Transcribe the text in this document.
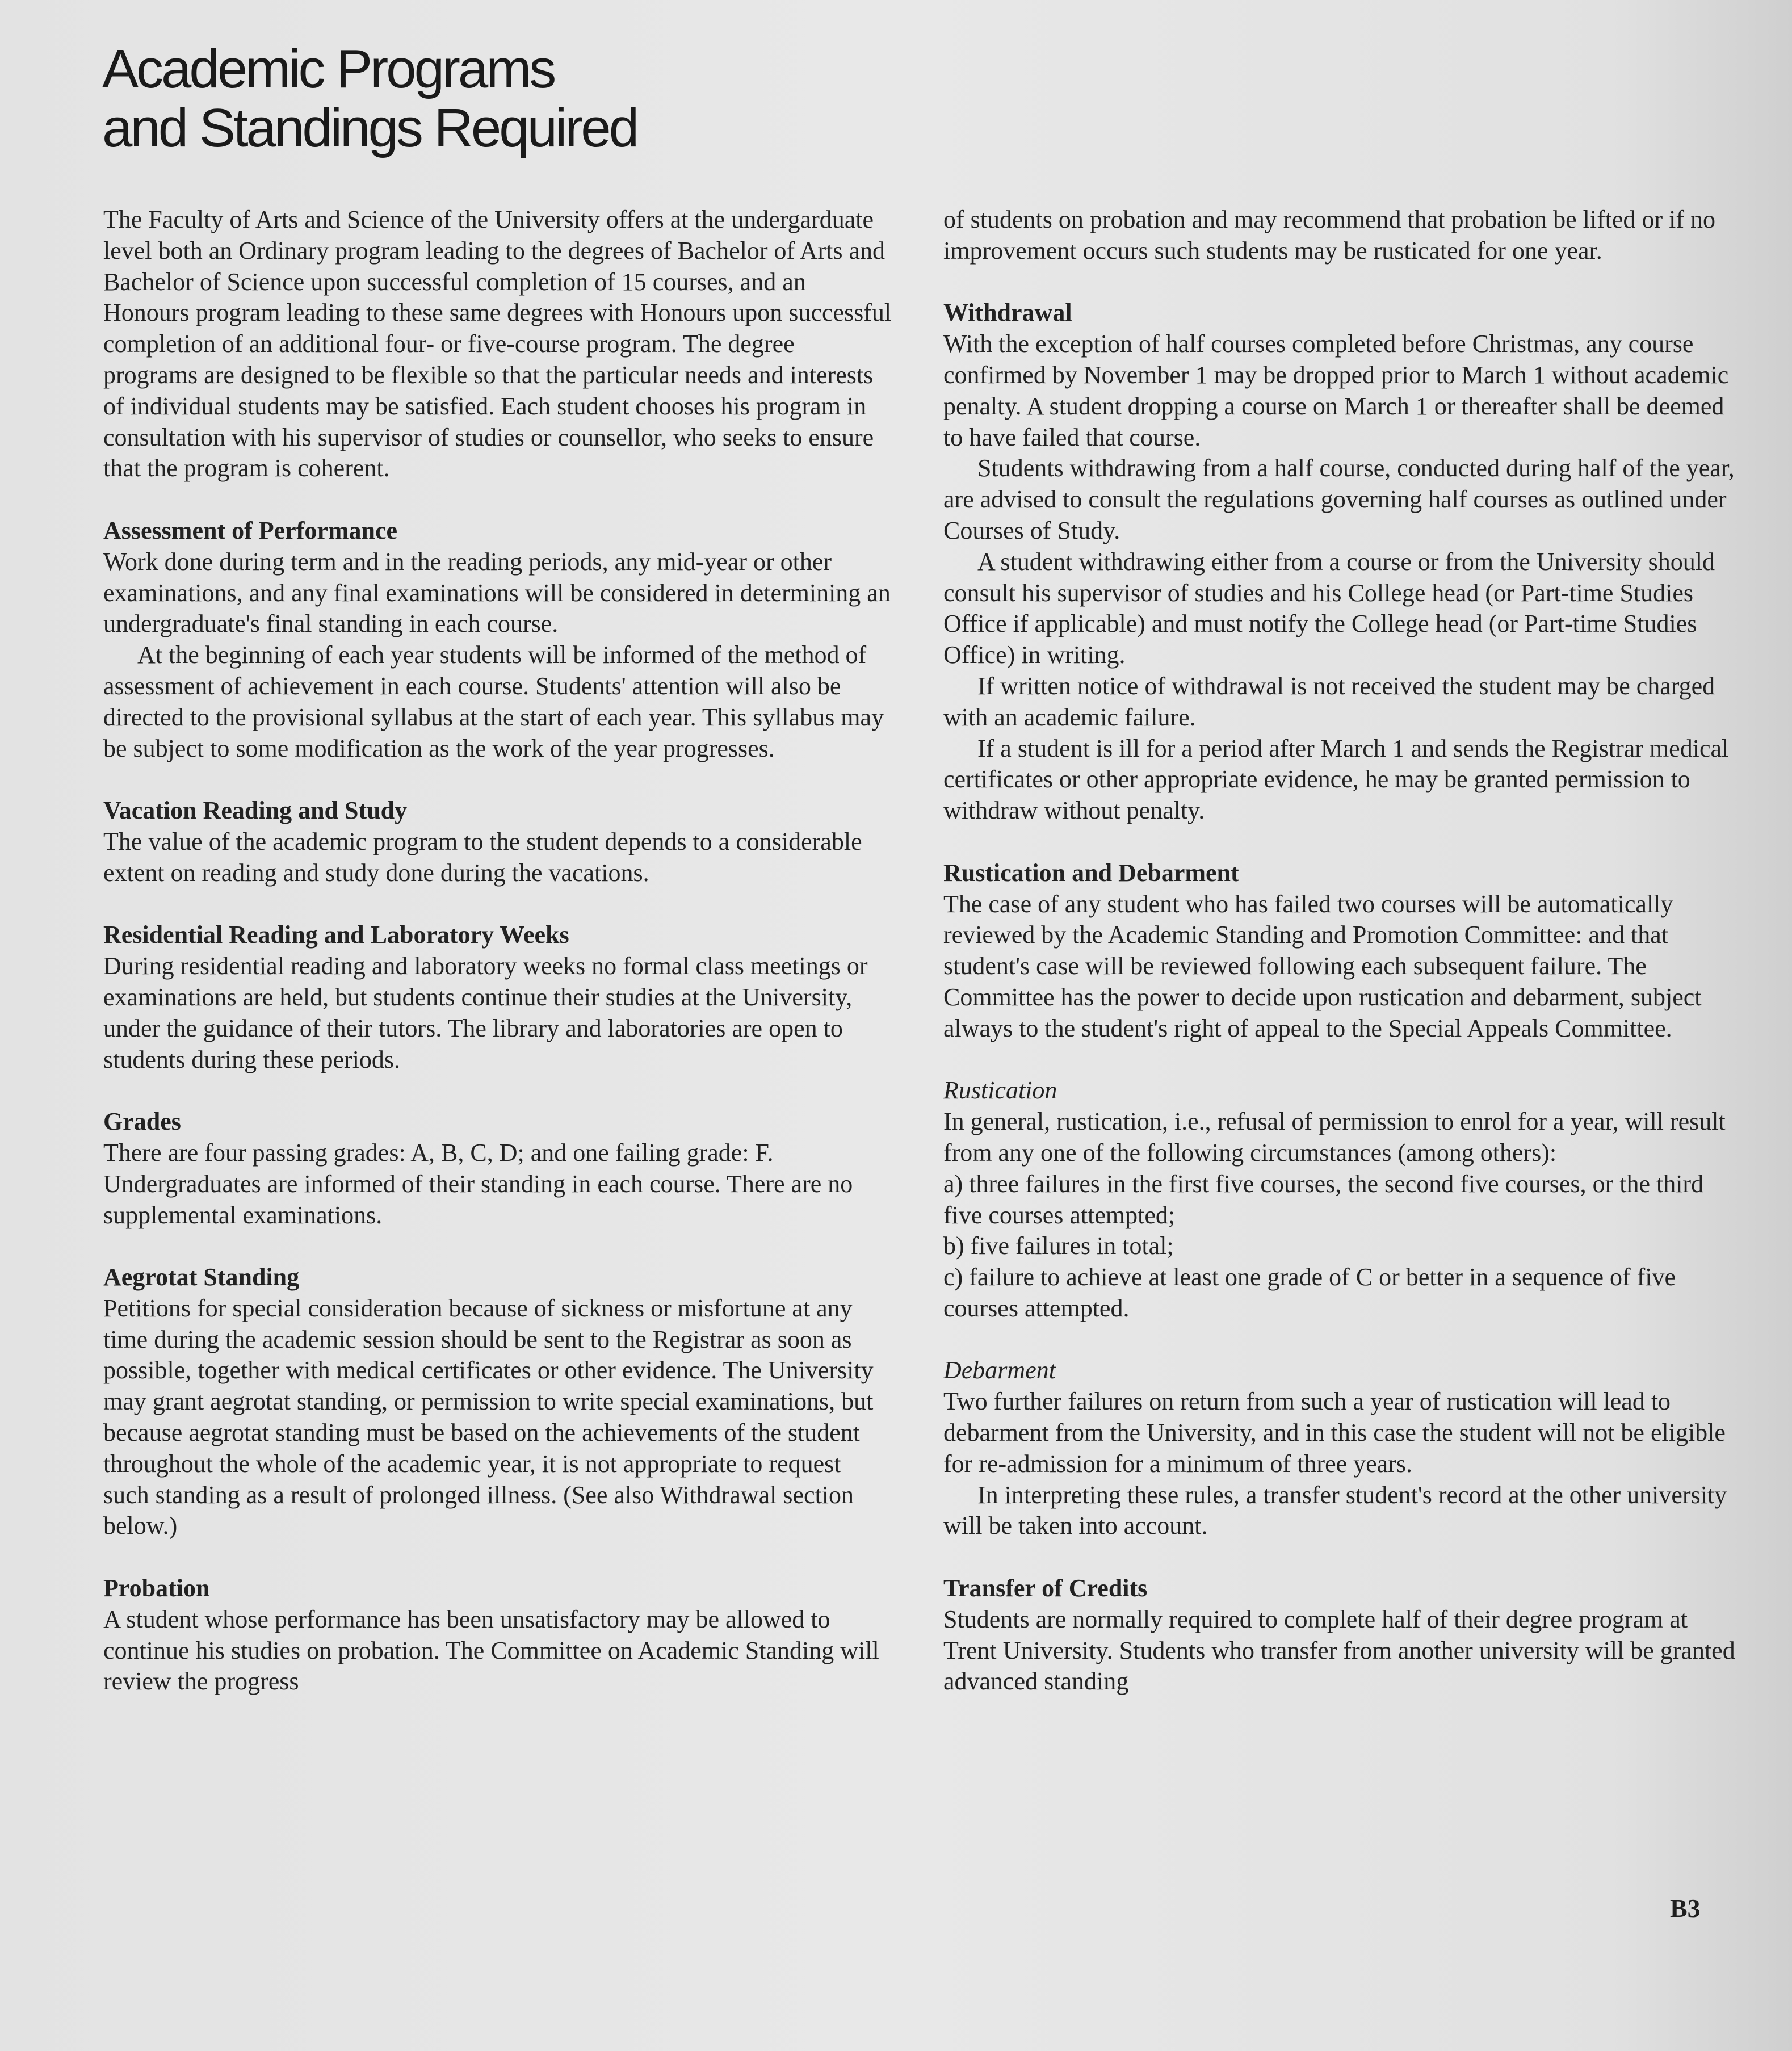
Academic Programs
and Standings Required

The Faculty of Arts and Science of the University offers at the undergarduate level both an Ordinary program leading to the degrees of Bachelor of Arts and Bachelor of Science upon successful completion of 15 courses, and an Honours program leading to these same degrees with Honours upon successful completion of an additional four- or five-course program. The degree programs are designed to be flexible so that the particular needs and interests of individual students may be satisfied. Each student chooses his program in consultation with his supervisor of studies or counsellor, who seeks to ensure that the program is coherent.

Assessment of Performance

Work done during term and in the reading periods, any mid-year or other examinations, and any final examinations will be considered in determining an undergraduate's final standing in each course.

At the beginning of each year students will be informed of the method of assessment of achievement in each course. Students' attention will also be directed to the provisional syllabus at the start of each year. This syllabus may be subject to some modification as the work of the year progresses.

Vacation Reading and Study

The value of the academic program to the student depends to a considerable extent on reading and study done during the vacations.

Residential Reading and Laboratory Weeks

During residential reading and laboratory weeks no formal class meetings or examinations are held, but students continue their studies at the University, under the guidance of their tutors. The library and laboratories are open to students during these periods.

Grades

There are four passing grades: A, B, C, D; and one failing grade: F. Undergraduates are informed of their standing in each course. There are no supplemental examinations.

Aegrotat Standing

Petitions for special consideration because of sickness or misfortune at any time during the academic session should be sent to the Registrar as soon as possible, together with medical certificates or other evidence. The University may grant aegrotat standing, or permission to write special examinations, but because aegrotat standing must be based on the achievements of the student throughout the whole of the academic year, it is not appropriate to request such standing as a result of prolonged illness. (See also Withdrawal section below.)

Probation

A student whose performance has been unsatisfactory may be allowed to continue his studies on probation. The Committee on Academic Standing will review the progress

of students on probation and may recommend that probation be lifted or if no improvement occurs such students may be rusticated for one year.

Withdrawal

With the exception of half courses completed before Christmas, any course confirmed by November 1 may be dropped prior to March 1 without academic penalty. A student dropping a course on March 1 or thereafter shall be deemed to have failed that course.

Students withdrawing from a half course, conducted during half of the year, are advised to consult the regulations governing half courses as outlined under Courses of Study.

A student withdrawing either from a course or from the University should consult his supervisor of studies and his College head (or Part-time Studies Office if applicable) and must notify the College head (or Part-time Studies Office) in writing.

If written notice of withdrawal is not received the student may be charged with an academic failure.

If a student is ill for a period after March 1 and sends the Registrar medical certificates or other appropriate evidence, he may be granted permission to withdraw without penalty.

Rustication and Debarment

The case of any student who has failed two courses will be automatically reviewed by the Academic Standing and Promotion Committee: and that student's case will be reviewed following each subsequent failure. The Committee has the power to decide upon rustication and debarment, subject always to the student's right of appeal to the Special Appeals Committee.

Rustication

In general, rustication, i.e., refusal of permission to enrol for a year, will result from any one of the following circumstances (among others):

a) three failures in the first five courses, the second five courses, or the third five courses attempted;
b) five failures in total;
c) failure to achieve at least one grade of C or better in a sequence of five courses attempted.
Debarment

Two further failures on return from such a year of rustication will lead to debarment from the University, and in this case the student will not be eligible for re-admission for a minimum of three years.

In interpreting these rules, a transfer student's record at the other university will be taken into account.

Transfer of Credits

Students are normally required to complete half of their degree program at Trent University. Students who transfer from another university will be granted advanced standing

B3
